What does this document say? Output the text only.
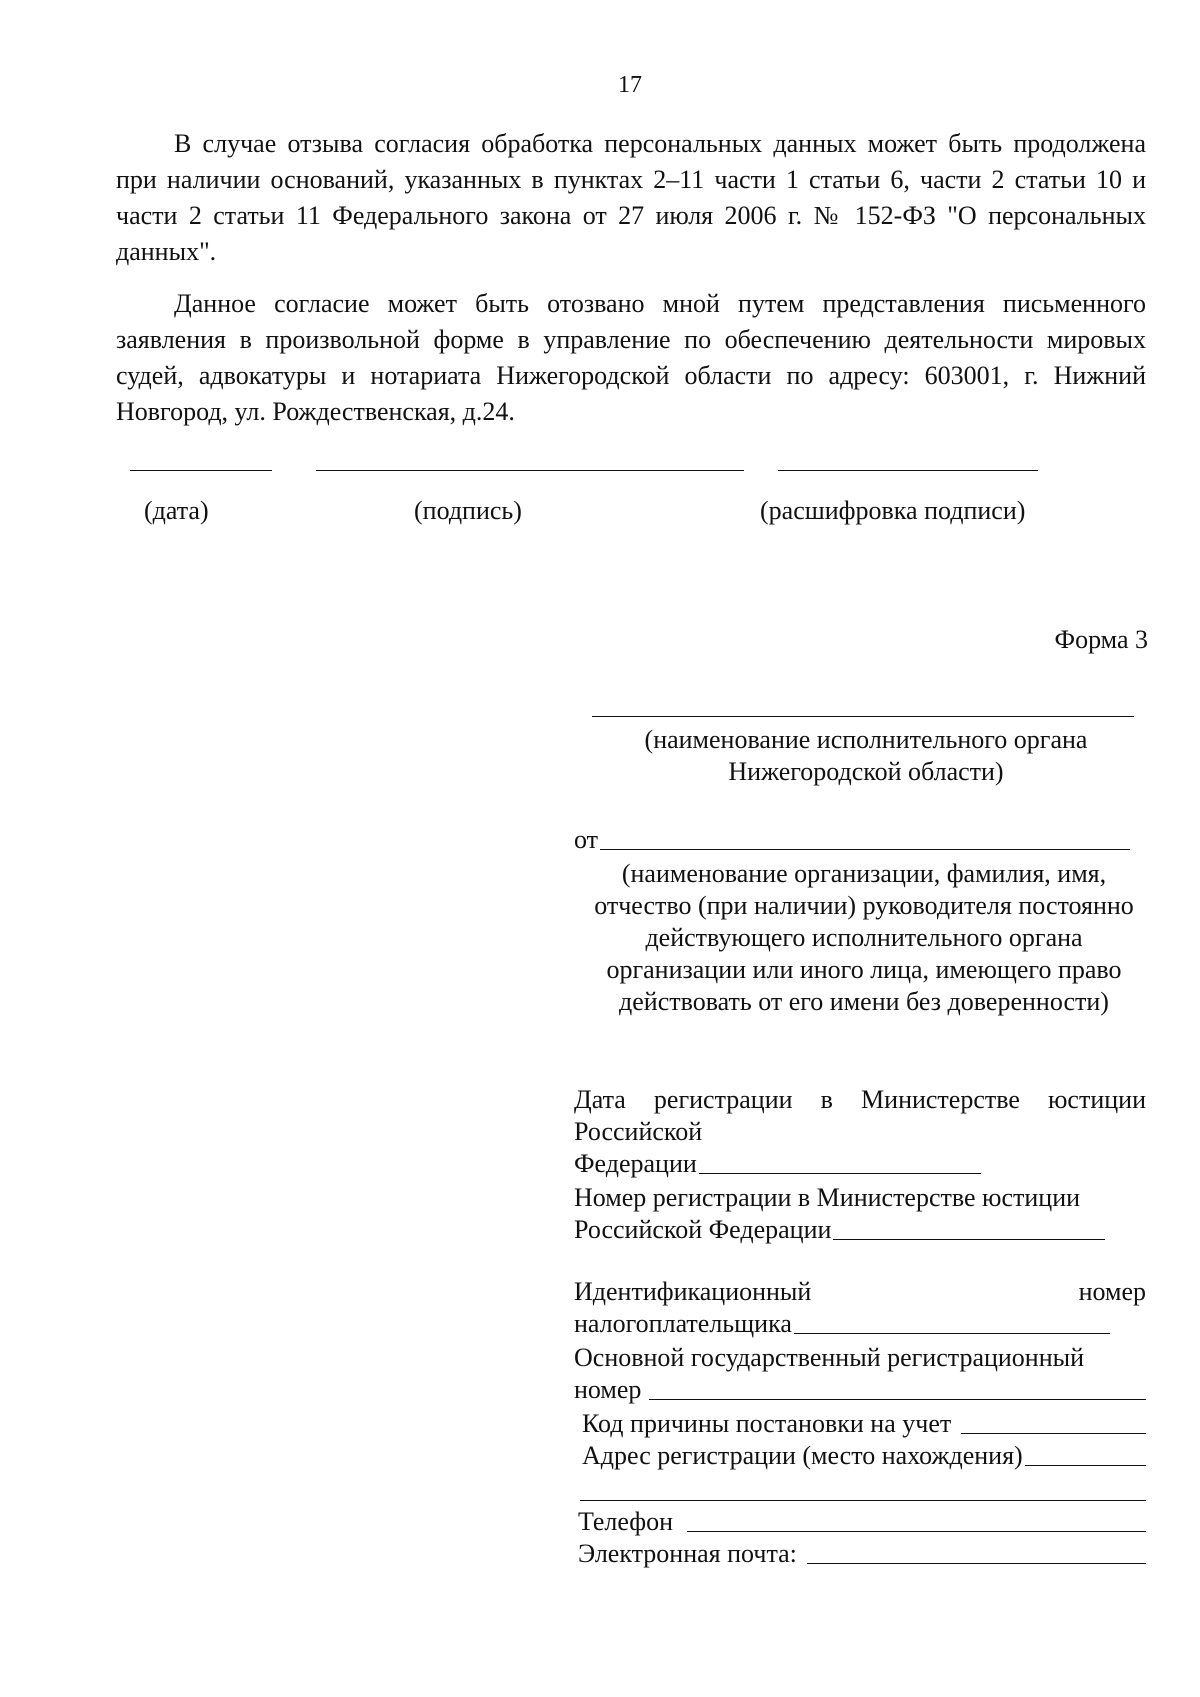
17

В случае отзыва согласия обработка персональных данных может быть продолжена при наличии оснований, указанных в пунктах 2–11 части 1 статьи 6, части 2 статьи 10 и части 2 статьи 11 Федерального закона от 27 июля 2006 г. № 152-ФЗ "О персональных данных".

Данное согласие может быть отозвано мной путем представления письменного заявления в произвольной форме в управление по обеспечению деятельности мировых судей, адвокатуры и нотариата Нижегородской области по адресу: 603001, г. Нижний Новгород, ул. Рождественская, д.24.

(дата)	(подпись)	(расшифровка подписи)
Форма 3
(наименование исполнительного органа Нижегородской области)
от
(наименование организации, фамилия, имя, отчество (при наличии) руководителя постоянно действующего исполнительного органа организации или иного лица, имеющего право действовать от его имени без доверенности)
Дата регистрации в Министерстве юстиции Российской
Федерации
Номер регистрации в Министерстве юстиции
Российской Федерации
Идентификационный	номер
налогоплательщика
Основной государственный регистрационный
номер
Код причины постановки на учет
Адрес регистрации (место нахождения)
Телефон
Электронная почта:
